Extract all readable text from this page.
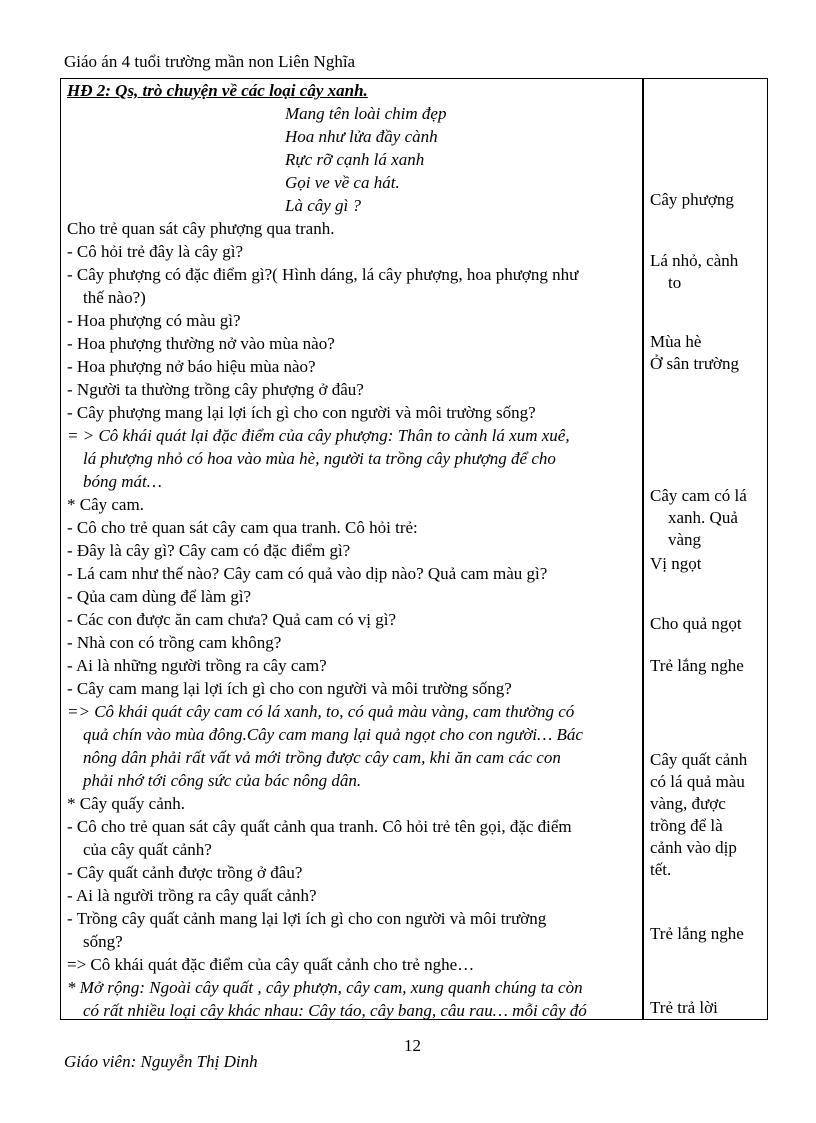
Giáo án 4 tuổi trường mần non Liên Nghĩa
HĐ 2: Qs, trò chuyện về các loại cây xanh.
Mang tên loài chim đẹp
Hoa như lửa đầy cành
Rực rỡ cạnh lá xanh
Gọi ve về ca hát.
Là cây gì ?
Cho trẻ quan sát cây phượng qua tranh.
- Cô hỏi trẻ đây là cây gì?
- Cây phượng có đặc điểm gì?( Hình dáng, lá cây phượng, hoa phượng như
thế nào?)
- Hoa phượng có màu gì?
- Hoa phượng thường nở vào mùa nào?
- Hoa phượng nở báo hiệu mùa nào?
- Người ta thường trồng cây phượng ở đâu?
- Cây phượng mang lại lợi ích gì cho con người và môi trường sống?
= > Cô khái quát lại đặc điểm của cây phượng: Thân to cành lá xum xuê,
lá phượng nhỏ có hoa vào mùa hè, người ta trồng cây phượng để cho
bóng mát…
* Cây cam.
- Cô cho trẻ quan sát cây cam qua tranh. Cô hỏi trẻ:
- Đây là cây gì? Cây cam có đặc điểm gì?
- Lá cam như thế nào? Cây cam có quả vào dịp nào? Quả cam màu gì?
- Qủa cam dùng để làm gì?
- Các con được ăn cam chưa? Quả cam có vị gì?
- Nhà con có trồng cam không?
- Ai là những người trồng ra cây cam?
- Cây cam mang lại lợi ích gì cho con người và môi trường sống?
=> Cô khái quát cây cam có lá xanh, to, có quả màu vàng, cam thường có
quả chín vào mùa đông.Cây cam mang lại quả ngọt cho con người… Bác
nông dân phải rất vất vả mới trồng được cây cam, khi ăn cam các con
phải nhớ tới công sức của bác nông dân.
* Cây quấy cảnh.
- Cô cho trẻ quan sát cây quất cảnh qua tranh. Cô hỏi trẻ tên gọi, đặc điểm
của cây quất cảnh?
- Cây quất cảnh được trồng ở đâu?
- Ai là người trồng ra cây quất cảnh?
- Trồng cây quất cảnh mang lại lợi ích gì cho con người và môi trường
sống?
=> Cô khái quát đặc điểm của cây quất cảnh cho trẻ nghe…
* Mở rộng: Ngoài cây quất , cây phượn, cây cam, xung quanh chúng ta còn
có rất nhiều loại cây khác nhau: Cây táo, cây bang, câu rau… mỗi cây đó
Cây phượng
Lá nhỏ, cành
to
Mùa hè
Ở sân trường
Cây cam có lá
xanh. Quả
vàng
Vị ngọt
Cho quả ngọt
Trẻ lắng nghe
Cây quất cảnh
có lá quả màu
vàng, được
trồng để là
cảnh vào dịp
tết.
Trẻ lắng nghe
Trẻ trả lời
12
Giáo viên: Nguyễn Thị Dinh
